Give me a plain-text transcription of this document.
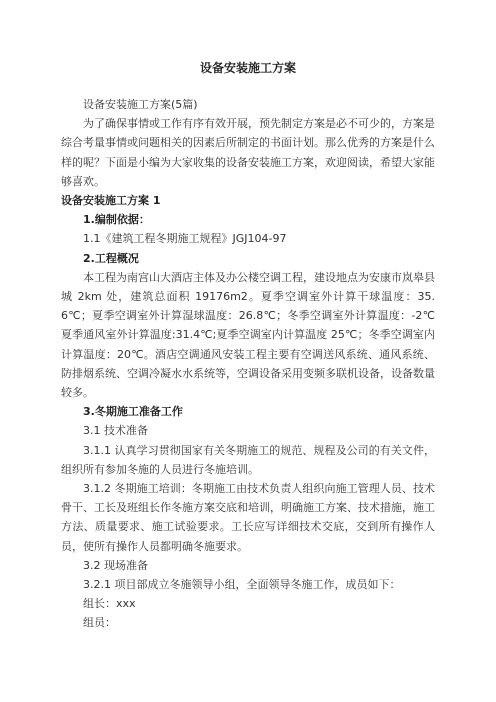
设备安装施工方案

设备安装施工方案(5篇)

为了确保事情或工作有序有效开展，预先制定方案是必不可少的，方案是综合考量事情或问题相关的因素后所制定的书面计划。那么优秀的方案是什么样的呢？下面是小编为大家收集的设备安装施工方案，欢迎阅读，希望大家能够喜欢。

设备安装施工方案 1

1.编制依据：

1.1《建筑工程冬期施工规程》JGJ104-97

2.工程概况

本工程为南宫山大酒店主体及办公楼空调工程，建设地点为安康市岚皋县城 2km 处，建筑总面积 19176m2。夏季空调室外计算干球温度：35.6℃；夏季空调室外计算湿球温度：26.8℃；冬季空调室外计算温度：-2℃夏季通风室外计算温度:31.4℃;夏季空调室内计算温度 25℃；冬季空调室内计算温度：20℃。酒店空调通风安装工程主要有空调送风系统、通风系统、防排烟系统、空调冷凝水水系统等，空调设备采用变频多联机设备，设备数量较多。

3.冬期施工准备工作

3.1 技术准备

3.1.1 认真学习贯彻国家有关冬期施工的规范、规程及公司的有关文件，组织所有参加冬施的人员进行冬施培训。

3.1.2 冬期施工培训：冬期施工由技术负责人组织向施工管理人员、技术骨干、工长及班组长作冬施方案交底和培训，明确施工方案、技术措施，施工方法、质量要求、施工试验要求。工长应写详细技术交底，交到所有操作人员，使所有操作人员都明确冬施要求。

3.2 现场准备

3.2.1 项目部成立冬施领导小组，全面领导冬施工作，成员如下：

组长：xxx

组员：
